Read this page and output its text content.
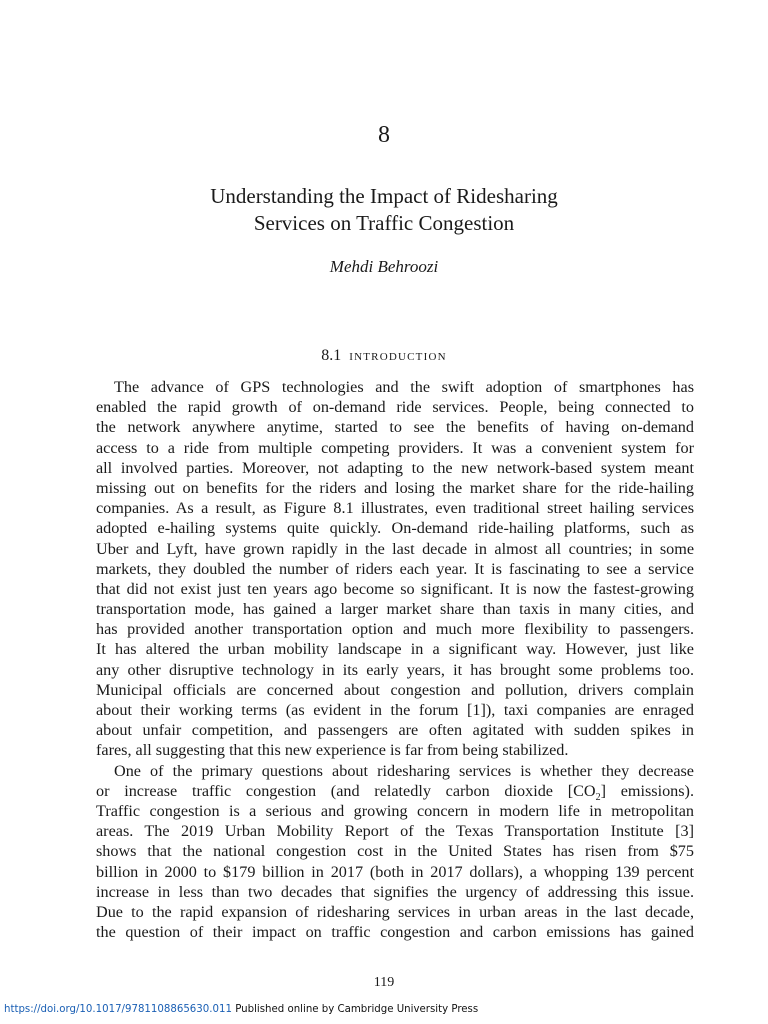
8
Understanding the Impact of Ridesharing
Services on Traffic Congestion
Mehdi Behroozi
8.1 introduction
The advance of GPS technologies and the swift adoption of smartphones has
enabled the rapid growth of on-demand ride services. People, being connected to
the network anywhere anytime, started to see the benefits of having on-demand
access to a ride from multiple competing providers. It was a convenient system for
all involved parties. Moreover, not adapting to the new network-based system meant
missing out on benefits for the riders and losing the market share for the ride-hailing
companies. As a result, as Figure 8.1 illustrates, even traditional street hailing services
adopted e-hailing systems quite quickly. On-demand ride-hailing platforms, such as
Uber and Lyft, have grown rapidly in the last decade in almost all countries; in some
markets, they doubled the number of riders each year. It is fascinating to see a service
that did not exist just ten years ago become so significant. It is now the fastest-growing
transportation mode, has gained a larger market share than taxis in many cities, and
has provided another transportation option and much more flexibility to passengers.
It has altered the urban mobility landscape in a significant way. However, just like
any other disruptive technology in its early years, it has brought some problems too.
Municipal officials are concerned about congestion and pollution, drivers complain
about their working terms (as evident in the forum [1]), taxi companies are enraged
about unfair competition, and passengers are often agitated with sudden spikes in
fares, all suggesting that this new experience is far from being stabilized.
One of the primary questions about ridesharing services is whether they decrease
or increase traffic congestion (and relatedly carbon dioxide $[CO_2]$ emissions).
Traffic congestion is a serious and growing concern in modern life in metropolitan
areas. The 2019 Urban Mobility Report of the Texas Transportation Institute [3]
shows that the national congestion cost in the United States has risen from $75
billion in 2000 to $179 billion in 2017 (both in 2017 dollars), a whopping 139 percent
increase in less than two decades that signifies the urgency of addressing this issue.
Due to the rapid expansion of ridesharing services in urban areas in the last decade,
the question of their impact on traffic congestion and carbon emissions has gained
119
https://doi.org/10.1017/9781108865630.011 Published online by Cambridge University Press
